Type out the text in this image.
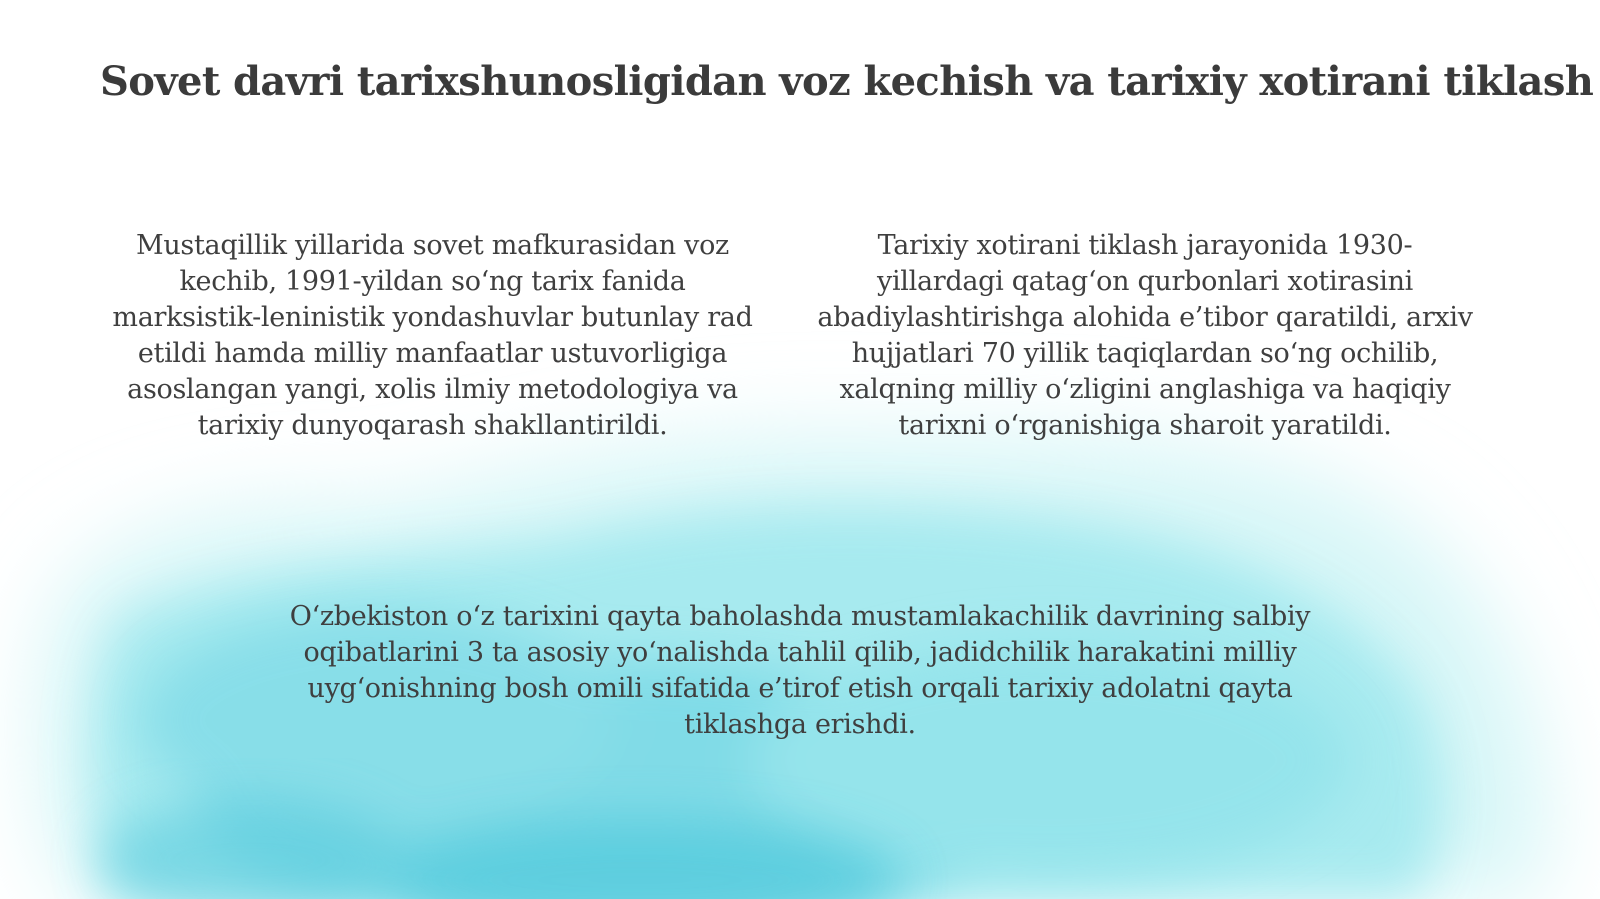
Sovet davri tarixshunosligidan voz kechish va tarixiy xotirani tiklash

Mustaqillik yillarida sovet mafkurasidan voz kechib, 1991-yildan so‘ng tarix fanida marksistik-leninistik yondashuvlar butunlay rad etildi hamda milliy manfaatlar ustuvorligiga asoslangan yangi, xolis ilmiy metodologiya va tarixiy dunyoqarash shakllantirildi.

Tarixiy xotirani tiklash jarayonida 1930-yillardagi qatag‘on qurbonlari xotirasini abadiylashtirishga alohida e’tibor qaratildi, arxiv hujjatlari 70 yillik taqiqlardan so‘ng ochilib, xalqning milliy o‘zligini anglashiga va haqiqiy tarixni o‘rganishiga sharoit yaratildi.

O‘zbekiston o‘z tarixini qayta baholashda mustamlakachilik davrining salbiy oqibatlarini 3 ta asosiy yo‘nalishda tahlil qilib, jadidchilik harakatini milliy uyg‘onishning bosh omili sifatida e’tirof etish orqali tarixiy adolatni qayta tiklashga erishdi.
